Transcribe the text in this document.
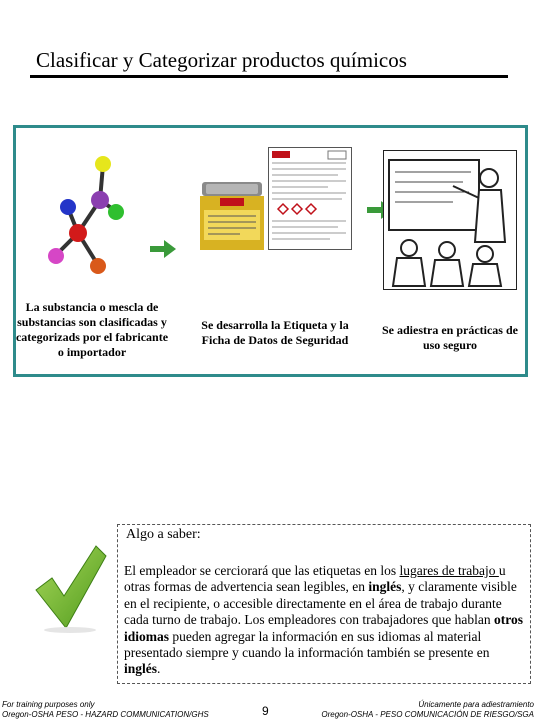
Clasificar y Categorizar productos químicos
La substancia o mescla de substancias son clasificadas y categorizads por el fabricante o importador
Se desarrolla la Etiqueta y la Ficha de Datos de Seguridad
Se adiestra en prácticas de uso seguro
Algo a saber:
El empleador se cerciorará que las etiquetas en los lugares de trabajo u otras formas de advertencia sean legibles, en inglés, y claramente visible en el recipiente, o accesible directamente en el área de trabajo durante cada turno de trabajo. Los empleadores con trabajadores que hablan otros idiomas pueden agregar la información en sus idiomas al material presentado siempre y cuando la información también se presente en inglés.
For training purposes only
Oregon-OSHA PESO - HAZARD COMMUNICATION/GHS	9	Únicamente para adiestramiento
Oregon-OSHA - PESO COMUNICACIÓN DE RIESGO/SGA
